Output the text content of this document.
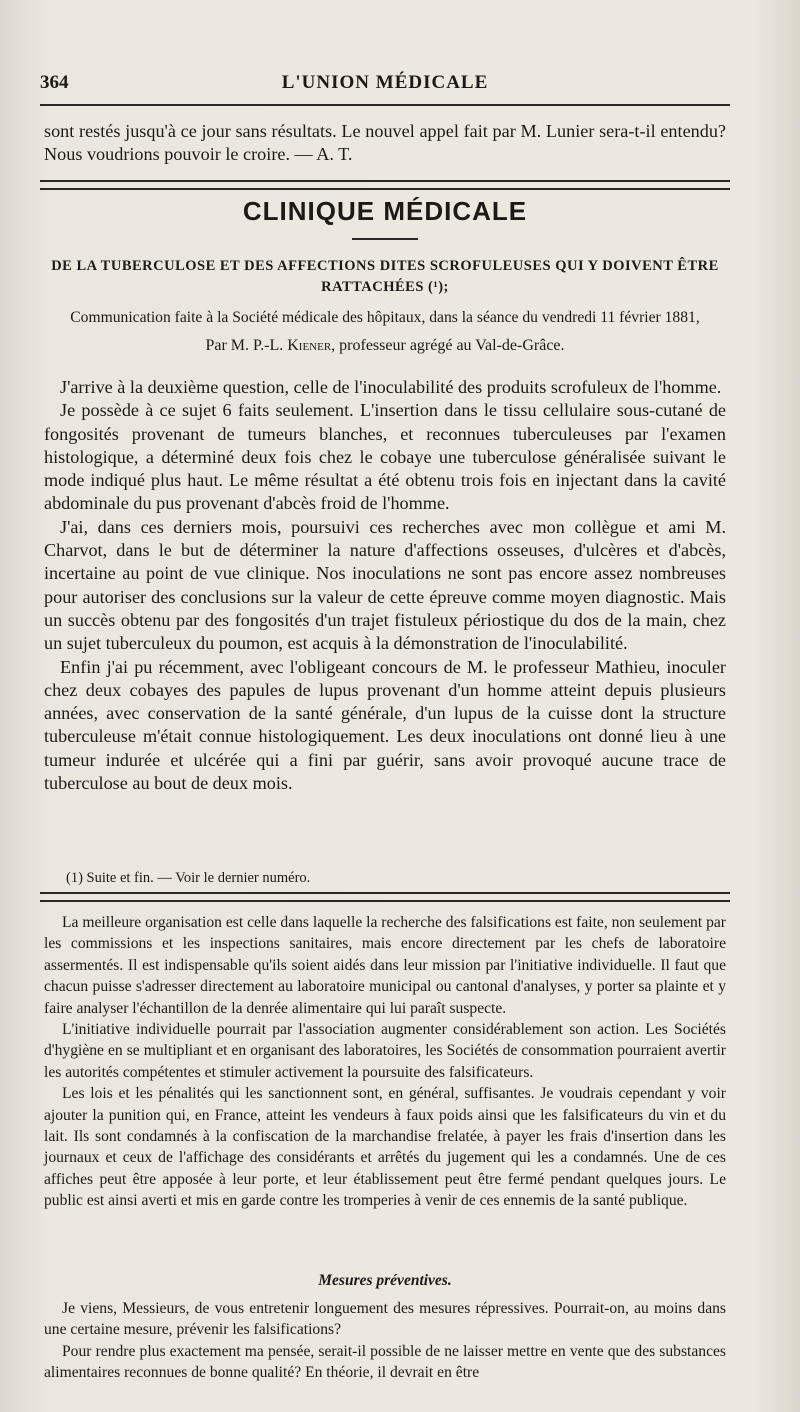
364	L'UNION MÉDICALE

sont restés jusqu'à ce jour sans résultats. Le nouvel appel fait par M. Lunier sera-t-il entendu? Nous voudrions pouvoir le croire. — A. T.

CLINIQUE MÉDICALE
DE LA TUBERCULOSE ET DES AFFECTIONS DITES SCROFULEUSES QUI Y DOIVENT ÊTRE
RATTACHÉES (¹);
Communication faite à la Société médicale des hôpitaux, dans la séance du vendredi 11 février 1881,
Par M. P.-L. Kiener, professeur agrégé au Val-de-Grâce.

J'arrive à la deuxième question, celle de l'inoculabilité des produits scrofuleux de l'homme.

Je possède à ce sujet 6 faits seulement. L'insertion dans le tissu cellulaire sous-cutané de fongosités provenant de tumeurs blanches, et reconnues tuberculeuses par l'examen histologique, a déterminé deux fois chez le cobaye une tuberculose généralisée suivant le mode indiqué plus haut. Le même résultat a été obtenu trois fois en injectant dans la cavité abdominale du pus provenant d'abcès froid de l'homme.

J'ai, dans ces derniers mois, poursuivi ces recherches avec mon collègue et ami M. Charvot, dans le but de déterminer la nature d'affections osseuses, d'ulcères et d'abcès, incertaine au point de vue clinique. Nos inoculations ne sont pas encore assez nombreuses pour autoriser des conclusions sur la valeur de cette épreuve comme moyen diagnostic. Mais un succès obtenu par des fongosités d'un trajet fistuleux périostique du dos de la main, chez un sujet tuberculeux du poumon, est acquis à la démonstration de l'inoculabilité.

Enfin j'ai pu récemment, avec l'obligeant concours de M. le professeur Mathieu, inoculer chez deux cobayes des papules de lupus provenant d'un homme atteint depuis plusieurs années, avec conservation de la santé générale, d'un lupus de la cuisse dont la structure tuberculeuse m'était connue histologiquement. Les deux inoculations ont donné lieu à une tumeur indurée et ulcérée qui a fini par guérir, sans avoir provoqué aucune trace de tuberculose au bout de deux mois.

(1) Suite et fin. — Voir le dernier numéro.

La meilleure organisation est celle dans laquelle la recherche des falsifications est faite, non seulement par les commissions et les inspections sanitaires, mais encore directement par les chefs de laboratoire assermentés. Il est indispensable qu'ils soient aidés dans leur mission par l'initiative individuelle. Il faut que chacun puisse s'adresser directement au laboratoire municipal ou cantonal d'analyses, y porter sa plainte et y faire analyser l'échantillon de la denrée alimentaire qui lui paraît suspecte.

L'initiative individuelle pourrait par l'association augmenter considérablement son action. Les Sociétés d'hygiène en se multipliant et en organisant des laboratoires, les Sociétés de consommation pourraient avertir les autorités compétentes et stimuler activement la poursuite des falsificateurs.

Les lois et les pénalités qui les sanctionnent sont, en général, suffisantes. Je voudrais cependant y voir ajouter la punition qui, en France, atteint les vendeurs à faux poids ainsi que les falsificateurs du vin et du lait. Ils sont condamnés à la confiscation de la marchandise frelatée, à payer les frais d'insertion dans les journaux et ceux de l'affichage des considérants et arrêtés du jugement qui les a condamnés. Une de ces affiches peut être apposée à leur porte, et leur établissement peut être fermé pendant quelques jours. Le public est ainsi averti et mis en garde contre les tromperies à venir de ces ennemis de la santé publique.

Mesures préventives.

Je viens, Messieurs, de vous entretenir longuement des mesures répressives. Pourrait-on, au moins dans une certaine mesure, prévenir les falsifications?

Pour rendre plus exactement ma pensée, serait-il possible de ne laisser mettre en vente que des substances alimentaires reconnues de bonne qualité? En théorie, il devrait en être
